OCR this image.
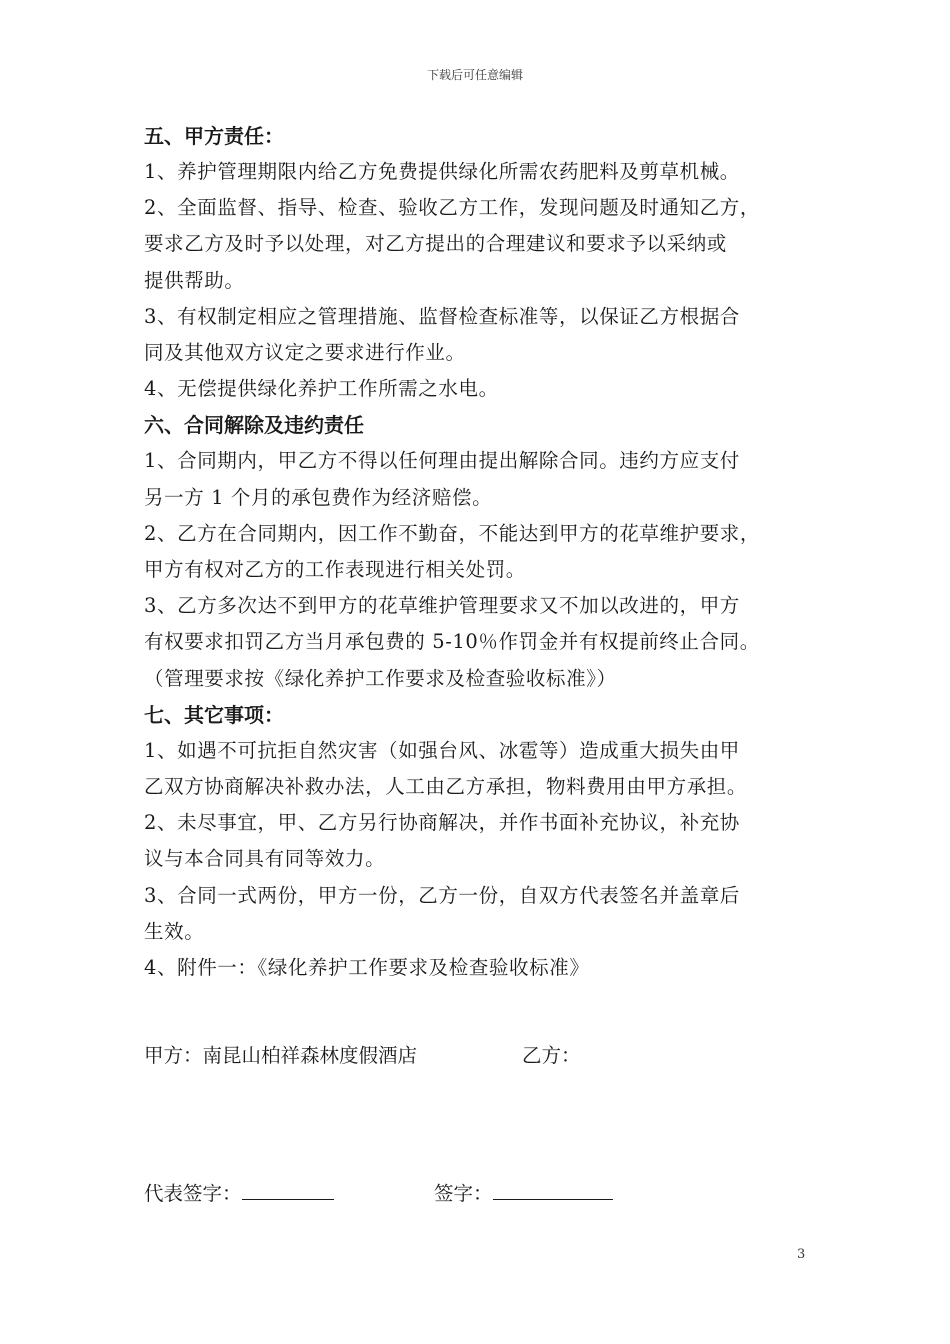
下载后可任意编辑
五、甲方责任：
1、养护管理期限内给乙方免费提供绿化所需农药肥料及剪草机械。
2、全面监督、指导、检查、验收乙方工作，发现问题及时通知乙方，
要求乙方及时予以处理，对乙方提出的合理建议和要求予以采纳或
提供帮助。
3、有权制定相应之管理措施、监督检查标准等，以保证乙方根据合
同及其他双方议定之要求进行作业。
4、无偿提供绿化养护工作所需之水电。
六、合同解除及违约责任
1、合同期内，甲乙方不得以任何理由提出解除合同。违约方应支付
另一方 1 个月的承包费作为经济赔偿。
2、乙方在合同期内，因工作不勤奋，不能达到甲方的花草维护要求，
甲方有权对乙方的工作表现进行相关处罚。
3、乙方多次达不到甲方的花草维护管理要求又不加以改进的，甲方
有权要求扣罚乙方当月承包费的 5-10％作罚金并有权提前终止合同。
（管理要求按《绿化养护工作要求及检查验收标准》）
七、其它事项：
1、如遇不可抗拒自然灾害（如强台风、冰雹等）造成重大损失由甲
乙双方协商解决补救办法，人工由乙方承担，物料费用由甲方承担。
2、未尽事宜，甲、乙方另行协商解决，并作书面补充协议，补充协
议与本合同具有同等效力。
3、合同一式两份，甲方一份，乙方一份，自双方代表签名并盖章后
生效。
4、附件一：《绿化养护工作要求及检查验收标准》
甲方：南昆山柏祥森林度假酒店	乙方：
代表签字：	签字：
3
